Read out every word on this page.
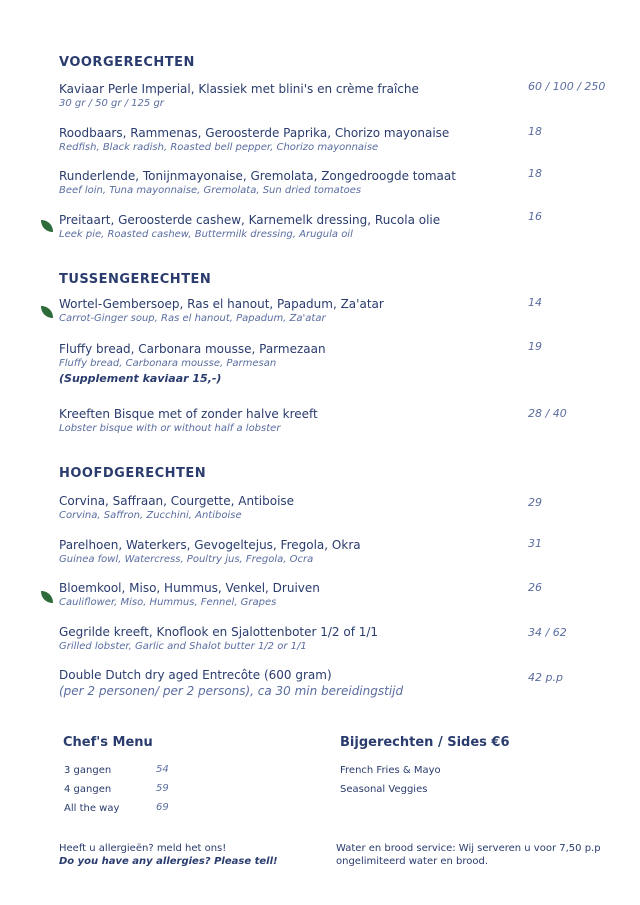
VOORGERECHTEN
Kaviaar Perle Imperial, Klassiek met blini's en crème fraîche
30 gr / 50 gr / 125 gr
60 / 100 / 250
Roodbaars, Rammenas, Geroosterde Paprika, Chorizo mayonaise
Redfish, Black radish, Roasted bell pepper, Chorizo mayonnaise
18
Runderlende, Tonijnmayonaise, Gremolata, Zongedroogde tomaat
Beef loin, Tuna mayonnaise, Gremolata, Sun dried tomatoes
18
Preitaart, Geroosterde cashew, Karnemelk dressing, Rucola olie
Leek pie, Roasted cashew, Buttermilk dressing, Arugula oil
16
TUSSENGERECHTEN
Wortel-Gembersoep, Ras el hanout, Papadum, Za'atar
Carrot-Ginger soup, Ras el hanout, Papadum, Za'atar
14
Fluffy bread, Carbonara mousse, Parmezaan
Fluffy bread, Carbonara mousse, Parmesan
(Supplement kaviaar 15,-)
19
Kreeften Bisque met of zonder halve kreeft
Lobster bisque with or without half a lobster
28 / 40
HOOFDGERECHTEN
Corvina, Saffraan, Courgette, Antiboise
Corvina, Saffron, Zucchini, Antiboise
29
Parelhoen, Waterkers, Gevogeltejus, Fregola, Okra
Guinea fowl, Watercress, Poultry jus, Fregola, Ocra
31
Bloemkool, Miso, Hummus, Venkel, Druiven
Cauliflower, Miso, Hummus, Fennel, Grapes
26
Gegrilde kreeft, Knoflook en Sjalottenboter 1/2 of 1/1
Grilled lobster, Garlic and Shalot butter 1/2 or 1/1
34 / 62
Double Dutch dry aged Entrecôte (600 gram)
(per 2 personen/ per 2 persons), ca 30 min bereidingstijd
42 p.p
Chef's Menu
3 gangen	54
4 gangen	59
All the way	69
Bijgerechten / Sides €6
French Fries & Mayo
Seasonal Veggies
Heeft u allergieën? meld het ons!
Do you have any allergies? Please tell!
Water en brood service: Wij serveren u voor 7,50 p.p
ongelimiteerd water en brood.
